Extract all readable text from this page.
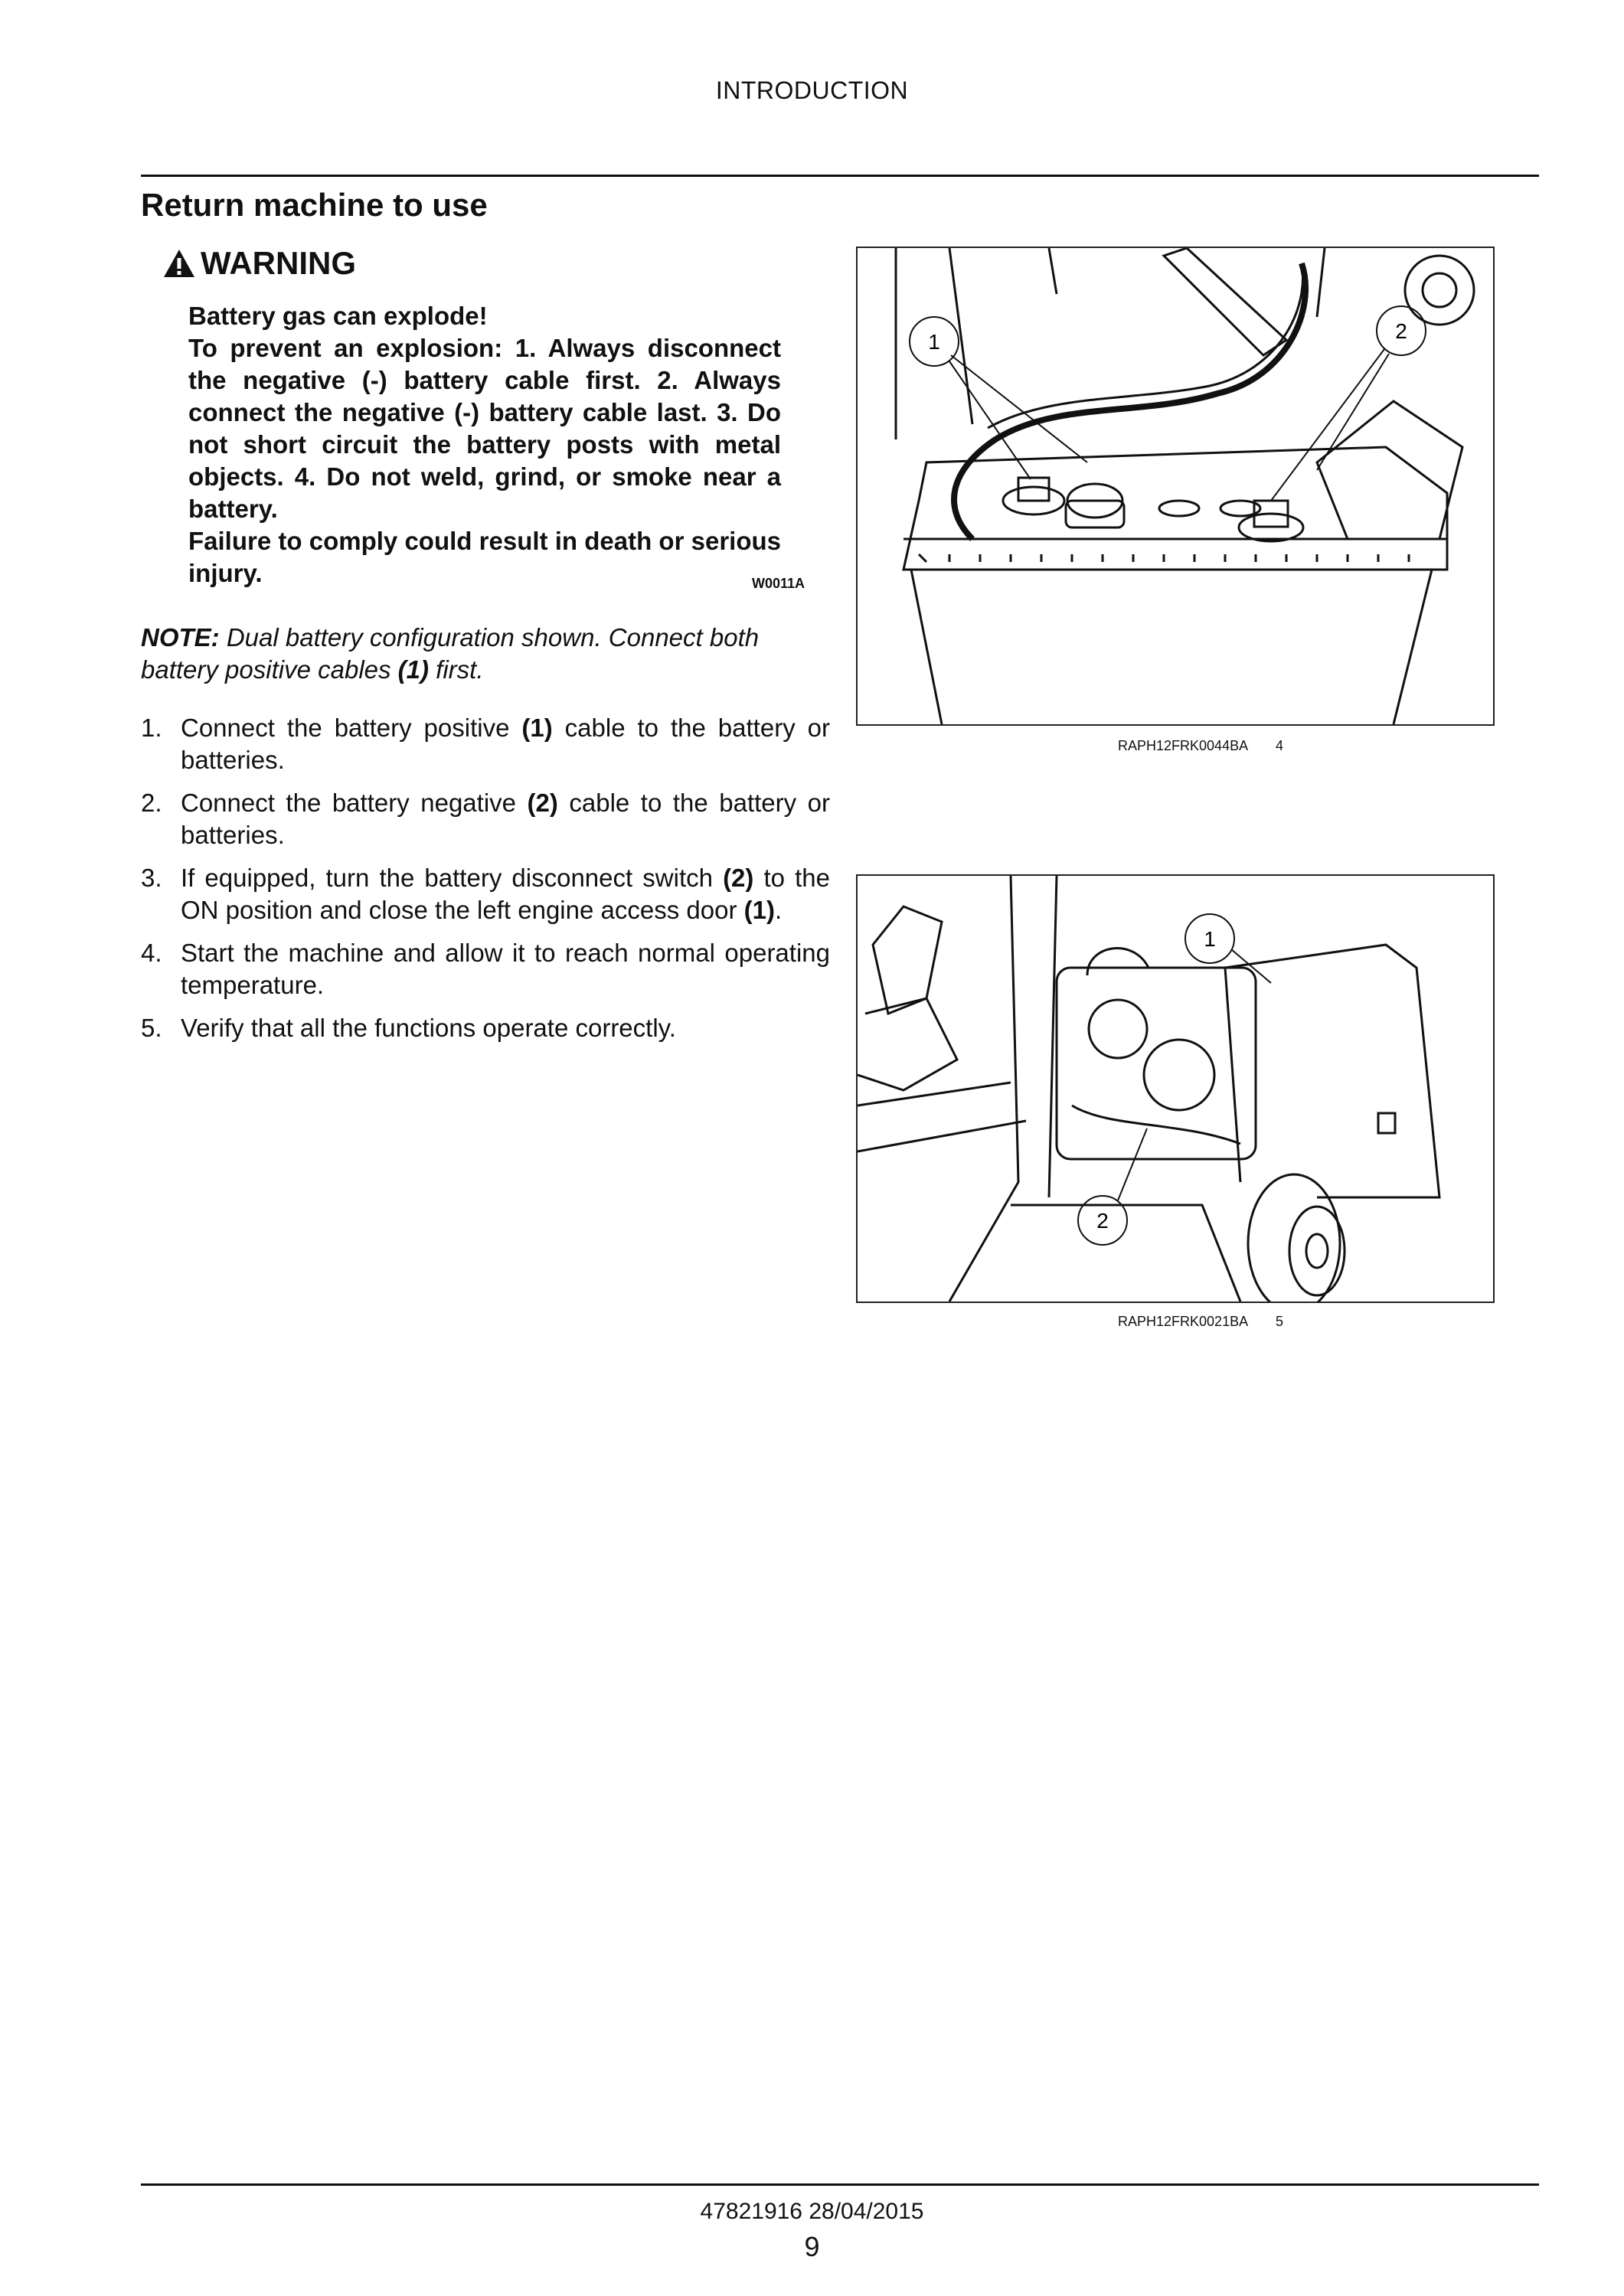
INTRODUCTION
Return machine to use
WARNING

Battery gas can explode!

To prevent an explosion: 1. Always disconnect the negative (-) battery cable first. 2. Always connect the negative (-) battery cable last. 3. Do not short circuit the battery posts with metal objects. 4. Do not weld, grind, or smoke near a battery.

Failure to comply could result in death or serious injury.	W0011A
NOTE: Dual battery configuration shown. Connect both battery positive cables (1) first.
1. Connect the battery positive (1) cable to the battery or batteries.
2. Connect the battery negative (2) cable to the battery or batteries.
3. If equipped, turn the battery disconnect switch (2) to the ON position and close the left engine access door (1).
4. Start the machine and allow it to reach normal operating temperature.
5. Verify that all the functions operate correctly.
1	2
RAPH12FRK0044BA 4
1
2
RAPH12FRK0021BA 5
47821916 28/04/2015
9
